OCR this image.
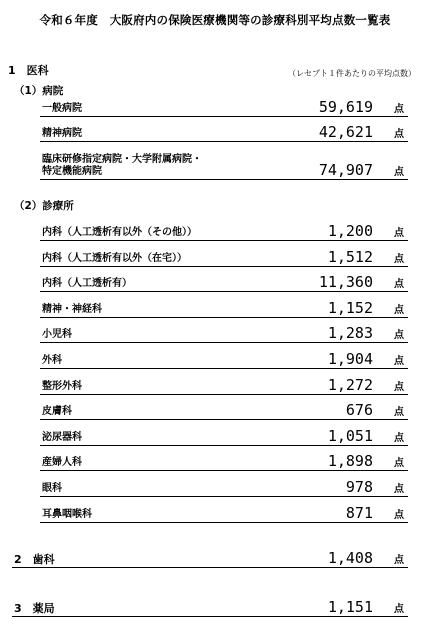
令和６年度　大阪府内の保険医療機関等の診療科別平均点数一覧表
1　医科	（レセプト１件あたりの平均点数）
（1）病院
一般病院	59,619 点
精神病院	42,621 点
臨床研修指定病院・大学附属病院・
特定機能病院	74,907 点
（2）診療所
内科（人工透析有以外（その他））	1,200 点
内科（人工透析有以外（在宅））	1,512 点
内科（人工透析有）	11,360 点
精神・神経科	1,152 点
小児科	1,283 点
外科	1,904 点
整形外科	1,272 点
皮膚科	676 点
泌尿器科	1,051 点
産婦人科	1,898 点
眼科	978 点
耳鼻咽喉科	871 点
2　歯科	1,408 点
3　薬局	1,151 点
